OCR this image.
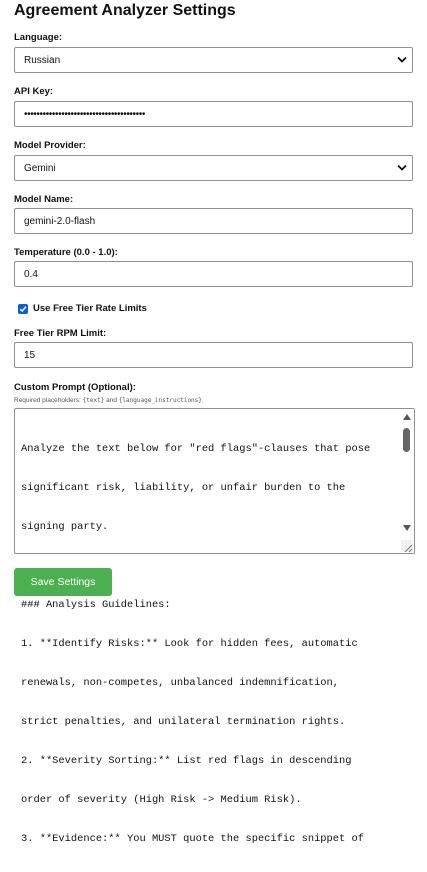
Agreement Analyzer Settings
Language:
Russian
API Key:
•••••••••••••••••••••••••••••••••••••••
Model Provider:
Gemini
Model Name:
gemini-2.0-flash
Temperature (0.0 - 1.0):
0.4
Use Free Tier Rate Limits
Free Tier RPM Limit:
15
Custom Prompt (Optional):
Required placeholders: {text} and {language_instructions}.

Analyze the text below for "red flags"-clauses that pose

significant risk, liability, or unfair burden to the

signing party.

### Analysis Guidelines:

1. **Identify Risks:** Look for hidden fees, automatic

renewals, non-competes, unbalanced indemnification,

strict penalties, and unilateral termination rights.

2. **Severity Sorting:** List red flags in descending

order of severity (High Risk -> Medium Risk).

3. **Evidence:** You MUST quote the specific snippet of

Save Settings
